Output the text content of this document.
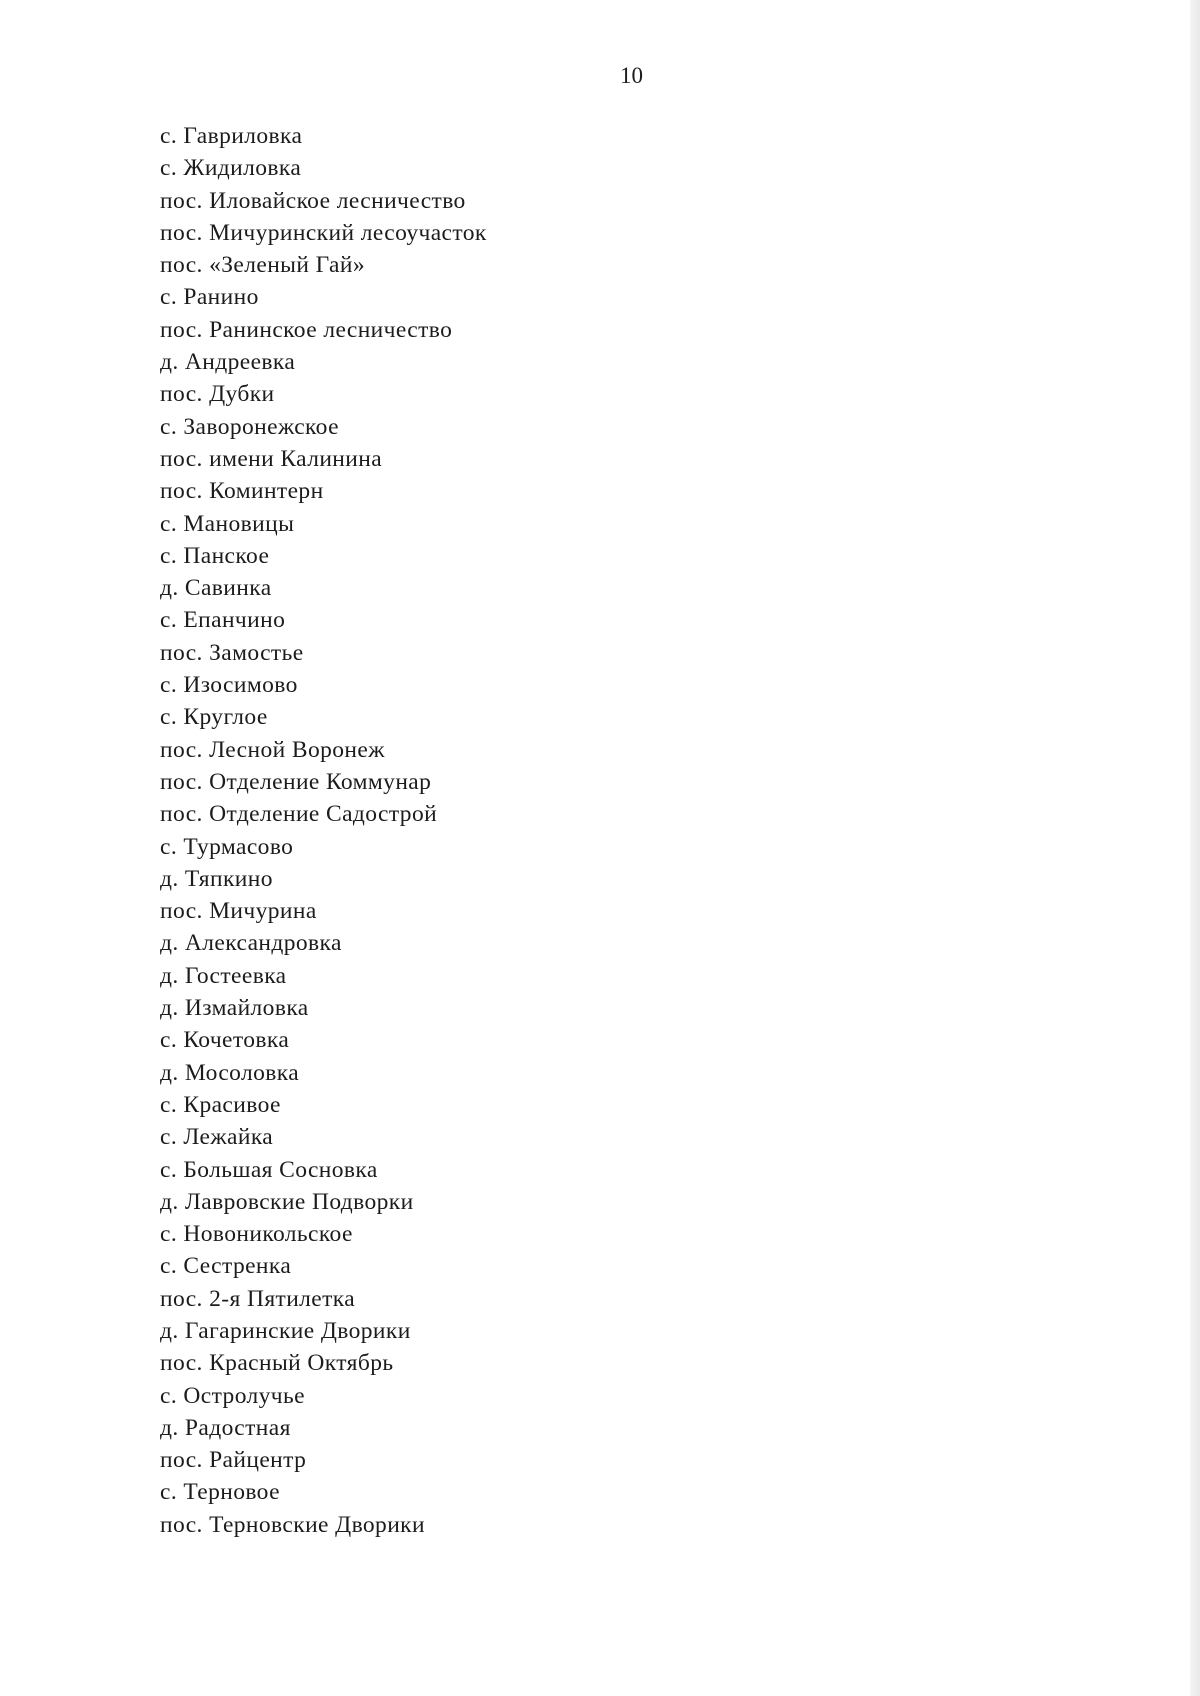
10
с. Гавриловка
с. Жидиловка
пос. Иловайское лесничество
пос. Мичуринский лесоучасток
пос. «Зеленый Гай»
с. Ранино
пос. Ранинское лесничество
д. Андреевка
пос. Дубки
с. Заворонежское
пос. имени Калинина
пос. Коминтерн
с. Мановицы
с. Панское
д. Савинка
с. Епанчино
пос. Замостье
с. Изосимово
с. Круглое
пос. Лесной Воронеж
пос. Отделение Коммунар
пос. Отделение Садострой
с. Турмасово
д. Тяпкино
пос. Мичурина
д. Александровка
д. Гостеевка
д. Измайловка
с. Кочетовка
д. Мосоловка
с. Красивое
с. Лежайка
с. Большая Сосновка
д. Лавровские Подворки
с. Новоникольское
с. Сестренка
пос. 2-я Пятилетка
д. Гагаринские Дворики
пос. Красный Октябрь
с. Остролучье
д. Радостная
пос. Райцентр
с. Терновое
пос. Терновские Дворики
